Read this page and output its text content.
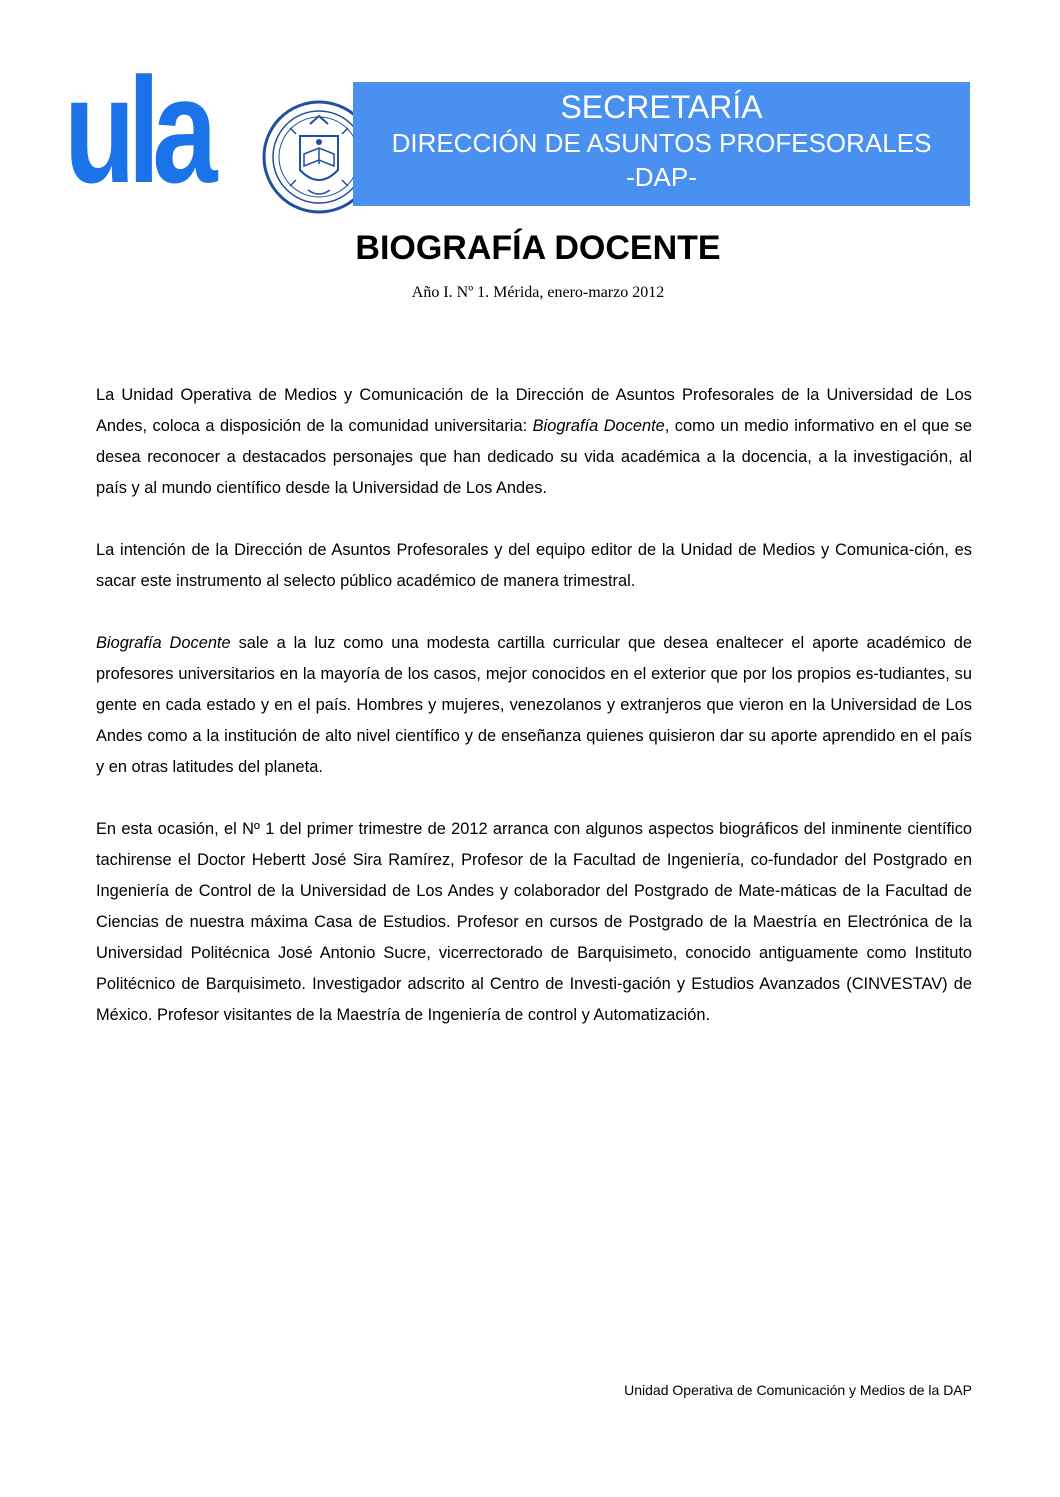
ula	SECRETARÍA
DIRECCIÓN DE ASUNTOS PROFESORALES
-DAP-
BIOGRAFÍA DOCENTE
Año I. Nº 1. Mérida, enero-marzo 2012

La Unidad Operativa de Medios y Comunicación de la Dirección de Asuntos Profesorales de la Universidad de Los Andes, coloca a disposición de la comunidad universitaria: Biografía Docente, como un medio informativo en el que se desea reconocer a destacados personajes que han dedicado su vida académica a la docencia, a la investigación, al país y al mundo científico desde la Universidad de Los Andes.

La intención de la Dirección de Asuntos Profesorales y del equipo editor de la Unidad de Medios y Comunica-ción, es sacar este instrumento al selecto público académico de manera trimestral.

Biografía Docente sale a la luz como una modesta cartilla curricular que desea enaltecer el aporte académico de profesores universitarios en la mayoría de los casos, mejor conocidos en el exterior que por los propios es-tudiantes, su gente en cada estado y en el país. Hombres y mujeres, venezolanos y extranjeros que vieron en la Universidad de Los Andes como a la institución de alto nivel científico y de enseñanza quienes quisieron dar su aporte aprendido en el país y en otras latitudes del planeta.

En esta ocasión, el Nº 1 del primer trimestre de 2012 arranca con algunos aspectos biográficos del inminente científico tachirense el Doctor Hebertt José Sira Ramírez, Profesor de la Facultad de Ingeniería, co-fundador del Postgrado en Ingeniería de Control de la Universidad de Los Andes y colaborador del Postgrado de Mate-máticas de la Facultad de Ciencias de nuestra máxima Casa de Estudios. Profesor en cursos de Postgrado de la Maestría en Electrónica de la Universidad Politécnica José Antonio Sucre, vicerrectorado de Barquisimeto, conocido antiguamente como Instituto Politécnico de Barquisimeto. Investigador adscrito al Centro de Investi-gación y Estudios Avanzados (CINVESTAV) de México. Profesor visitantes de la Maestría de Ingeniería de control y Automatización.

Unidad Operativa de Comunicación y Medios de la DAP
